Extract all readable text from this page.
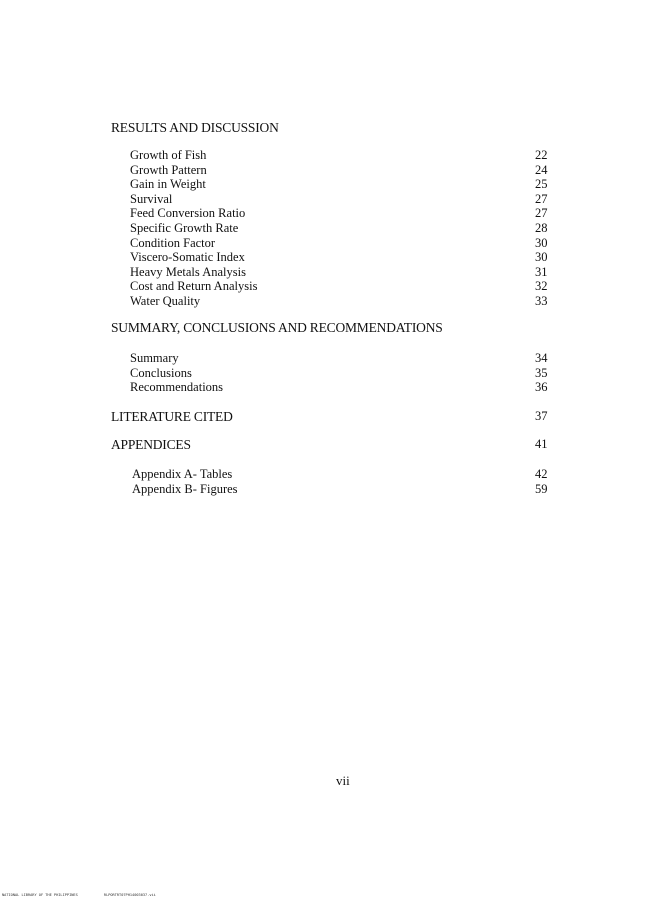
RESULTS AND DISCUSSION
Growth of Fish	22
Growth Pattern	24
Gain in Weight	25
Survival	27
Feed Conversion Ratio	27
Specific Growth Rate	28
Condition Factor	30
Viscero-Somatic Index	30
Heavy Metals Analysis	31
Cost and Return Analysis	32
Water Quality	33
SUMMARY, CONCLUSIONS AND RECOMMENDATIONS
Summary	34
Conclusions	35
Recommendations	36
LITERATURE CITED	37
APPENDICES	41
Appendix A- Tables	42
Appendix B- Figures	59
vii
NATIONAL LIBRARY OF THE PHILIPPINES	RLPORTRT07PH14003037.vii
